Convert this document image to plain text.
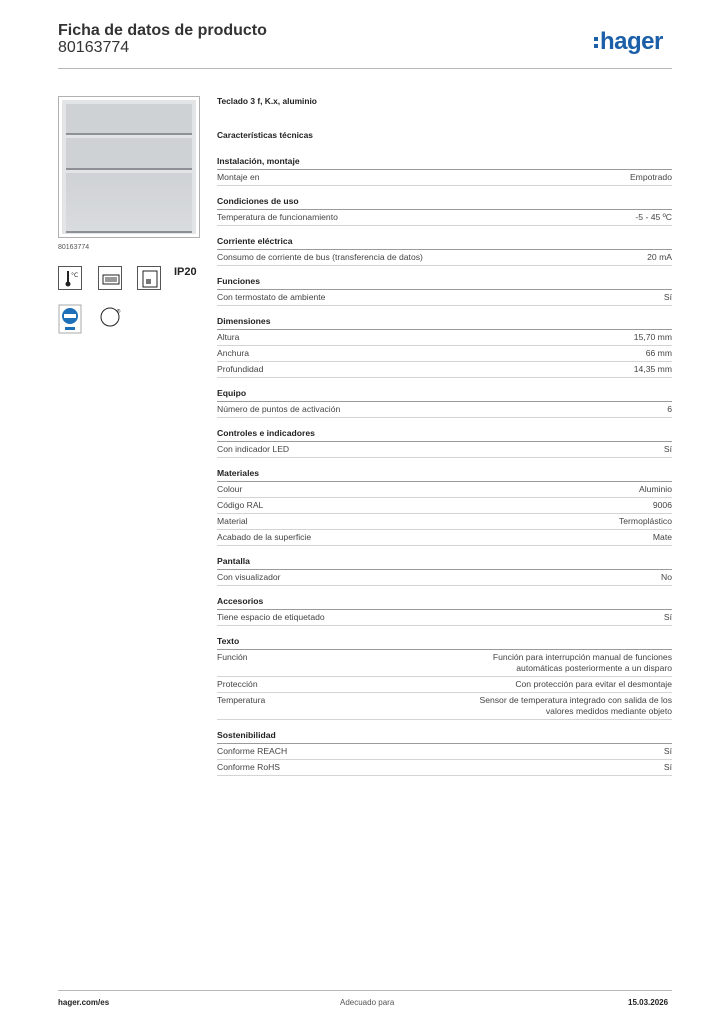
Ficha de datos de producto
80163774	hager
80163774
°C	IP20
®
Teclado 3 f, K.x, aluminio
Características técnicas
Instalación, montaje
Montaje en	Empotrado
Condiciones de uso
Temperatura de funcionamiento	-5 - 45 ºC
Corriente eléctrica
Consumo de corriente de bus (transferencia de datos)	20 mA
Funciones
Con termostato de ambiente	Sí
Dimensiones
Altura	15,70 mm
Anchura	66 mm
Profundidad	14,35 mm
Equipo
Número de puntos de activación	6
Controles e indicadores
Con indicador LED	Sí
Materiales
Colour	Aluminio
Código RAL	9006
Material	Termoplástico
Acabado de la superficie	Mate
Pantalla
Con visualizador	No
Accesorios
Tiene espacio de etiquetado	Sí
Texto
Función	Función para interrupción manual de funciones
automáticas posteriormente a un disparo
Protección	Con protección para evitar el desmontaje
Temperatura	Sensor de temperatura integrado con salida de los
valores medidos mediante objeto
Sostenibilidad
Conforme REACH	Sí
Conforme RoHS	Sí
hager.com/es	Adecuado para	15.03.2026
